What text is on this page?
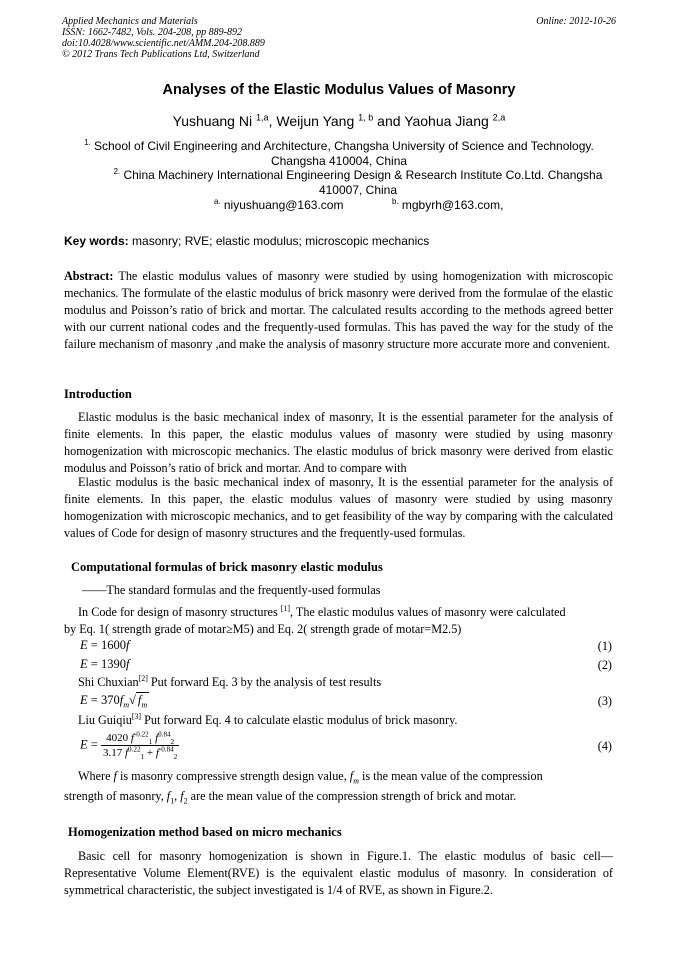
Applied Mechanics and Materials
ISSN: 1662-7482, Vols. 204-208, pp 889-892
doi:10.4028/www.scientific.net/AMM.204-208.889
© 2012 Trans Tech Publications Ltd, Switzerland
Online: 2012-10-26
Analyses of the Elastic Modulus Values of Masonry
Yushuang Ni $^{1,a}$, Weijun Yang $^{1, b}$ and Yaohua Jiang $^{2,a}$
$^{1.}$ School of Civil Engineering and Architecture, Changsha University of Science and Technology.
Changsha 410004, China
$^{2.}$ China Machinery International Engineering Design & Research Institute Co.Ltd. Changsha
410007, China
$^{a.}$ niyushuang@163.com	$^{b.}$ mgbyrh@163.com,
Key words: masonry; RVE; elastic modulus; microscopic mechanics
Abstract: The elastic modulus values of masonry were studied by using homogenization with microscopic mechanics. The formulate of the elastic modulus of brick masonry were derived from the formulae of the elastic modulus and Poisson’s ratio of brick and mortar. The calculated results according to the methods agreed better with our current national codes and the frequently-used formulas. This has paved the way for the study of the failure mechanism of masonry ,and make the analysis of masonry structure more accurate more and convenient.
Introduction
Elastic modulus is the basic mechanical index of masonry, It is the essential parameter for the analysis of finite elements. In this paper, the elastic modulus values of masonry were studied by using masonry homogenization with microscopic mechanics. The elastic modulus of brick masonry were derived from elastic modulus and Poisson’s ratio of brick and mortar. And to compare with
Elastic modulus is the basic mechanical index of masonry, It is the essential parameter for the analysis of finite elements. In this paper, the elastic modulus values of masonry were studied by using masonry homogenization with microscopic mechanics, and to get feasibility of the way by comparing with the calculated values of Code for design of masonry structures and the frequently-used formulas.
Computational formulas of brick masonry elastic modulus
——The standard formulas and the frequently-used formulas
In Code for design of masonry structures [1], The elastic modulus values of masonry were calculated
by Eq. 1( strength grade of motar≥M5) and Eq. 2( strength grade of motar=M2.5)
E = 1600f	(1)
E = 1390f	(2)
Shi Chuxian[2] Put forward Eq. 3 by the analysis of test results
$E = 370f_m√$ $f_m$	(3)
Liu Guiqiu[3] Put forward Eq. 4 to calculate elastic modulus of brick masonry.
$E = \frac{4020 f^{-0.22}_1 f^{0.84}_2}{3.17 f^{0.22}_1 + f^{-0.84}_2}$	(4)
Where f is masonry compressive strength design value, $f_m$ is the mean value of the compression
strength of masonry, $f_1$, $f_2$ are the mean value of the compression strength of brick and motar.
Homogenization method based on micro mechanics
Basic cell for masonry homogenization is shown in Figure.1. The elastic modulus of basic cell— Representative Volume Element(RVE) is the equivalent elastic modulus of masonry. In consideration of symmetrical characteristic, the subject investigated is 1/4 of RVE, as shown in Figure.2.
